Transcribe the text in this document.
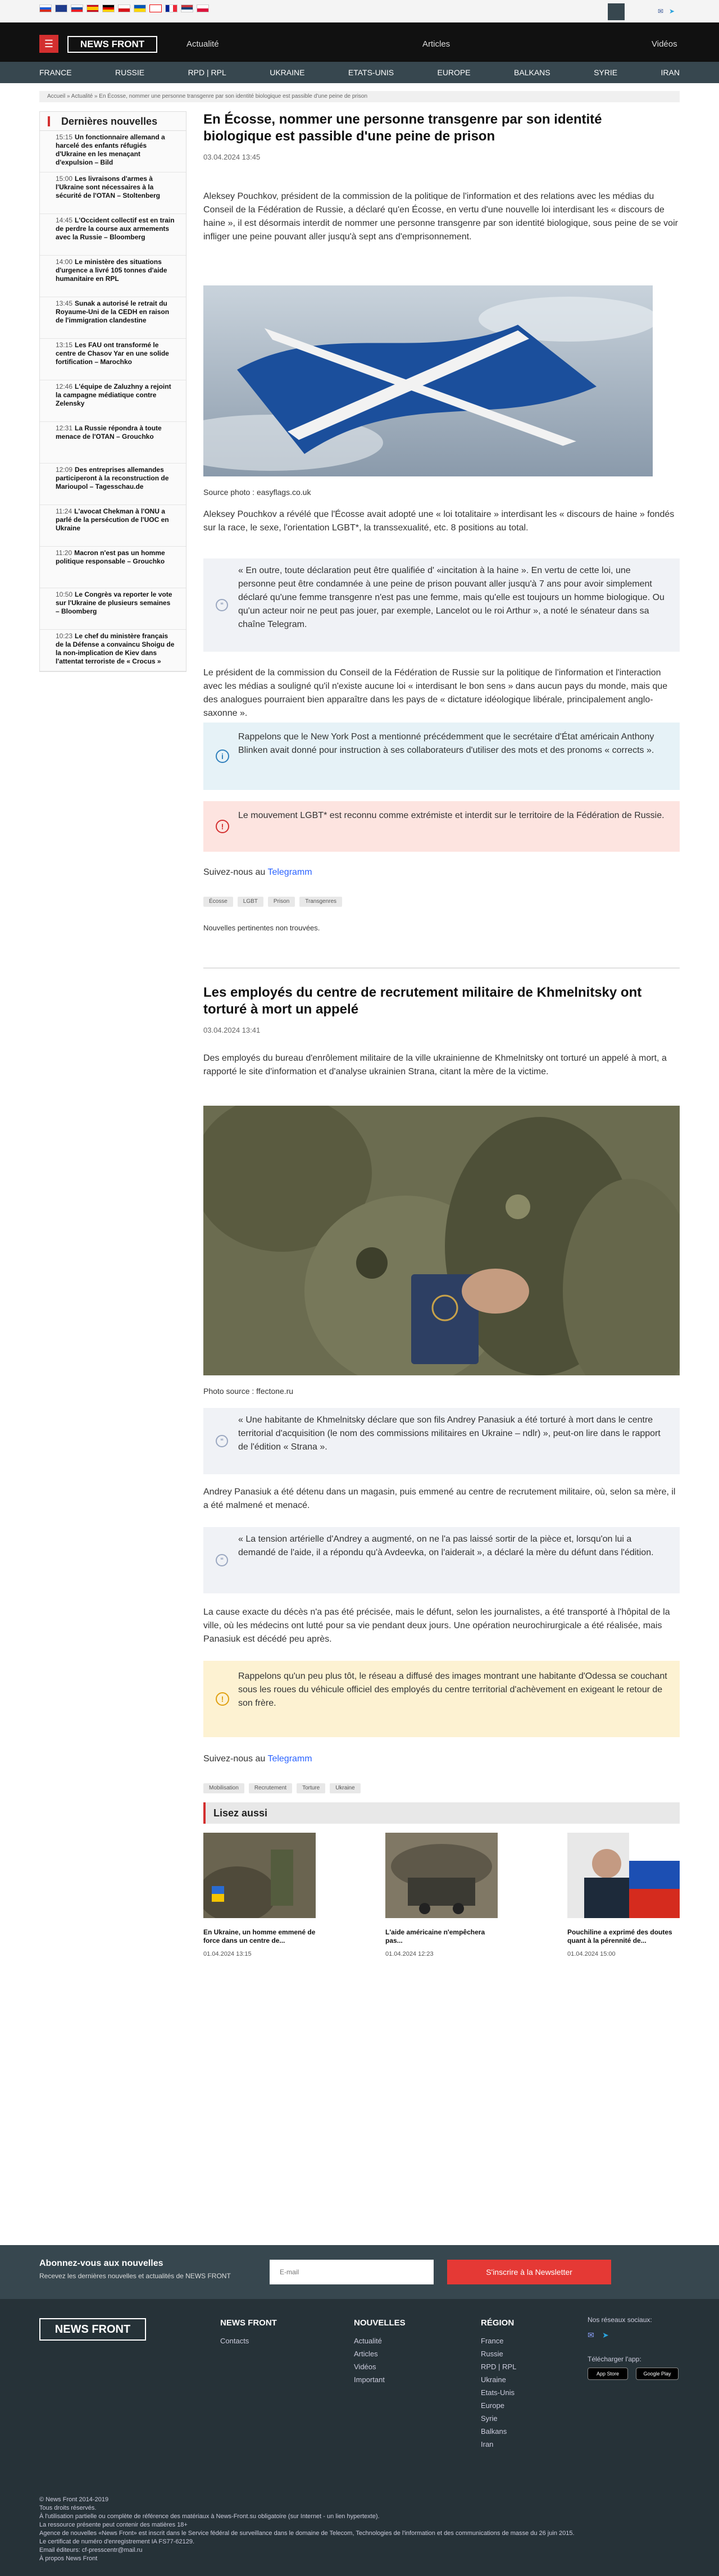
✉ ➤
☰	NEWS FRONT	Actualité	Articles	Vidéos
FRANCE	RUSSIE	RPD | RPL	UKRAINE	ETATS-UNIS	EUROPE	BALKANS	SYRIE	IRAN
Accueil » Actualité » En Écosse, nommer une personne transgenre par son identité biologique est passible d'une peine de prison
Dernières nouvelles
15:15 Un fonctionnaire allemand a harcelé des enfants réfugiés d'Ukraine en les menaçant d'expulsion – Bild
15:00 Les livraisons d'armes à l'Ukraine sont nécessaires à la sécurité de l'OTAN – Stoltenberg
14:45 L'Occident collectif est en train de perdre la course aux armements avec la Russie – Bloomberg
14:00 Le ministère des situations d'urgence a livré 105 tonnes d'aide humanitaire en RPL
13:45 Sunak a autorisé le retrait du Royaume-Uni de la CEDH en raison de l'immigration clandestine
13:15 Les FAU ont transformé le centre de Chasov Yar en une solide fortification – Marochko
12:46 L'équipe de Zaluzhny a rejoint la campagne médiatique contre Zelensky
12:31 La Russie répondra à toute menace de l'OTAN – Grouchko
12:09 Des entreprises allemandes participeront à la reconstruction de Marioupol – Tagesschau.de
11:24 L'avocat Chekman à l'ONU a parlé de la persécution de l'UOC en Ukraine
11:20 Macron n'est pas un homme politique responsable – Grouchko
10:50 Le Congrès va reporter le vote sur l'Ukraine de plusieurs semaines – Bloomberg
10:23 Le chef du ministère français de la Défense a convaincu Shoigu de la non-implication de Kiev dans l'attentat terroriste de « Crocus »
En Écosse, nommer une personne transgenre par son identité biologique est passible d'une peine de prison
03.04.2024 13:45

Aleksey Pouchkov, président de la commission de la politique de l'information et des relations avec les médias du Conseil de la Fédération de Russie, a déclaré qu'en Écosse, en vertu d'une nouvelle loi interdisant les « discours de haine », il est désormais interdit de nommer une personne transgenre par son identité biologique, sous peine de se voir infliger une peine pouvant aller jusqu'à sept ans d'emprisonnement.

Source photo : easyflags.co.uk

Aleksey Pouchkov a révélé que l'Écosse avait adopté une « loi totalitaire » interdisant les « discours de haine » fondés sur la race, le sexe, l'orientation LGBT*, la transsexualité, etc. 8 positions au total.

❝
« En outre, toute déclaration peut être qualifiée d' «incitation à la haine ». En vertu de cette loi, une personne peut être condamnée à une peine de prison pouvant aller jusqu'à 7 ans pour avoir simplement déclaré qu'une femme transgenre n'est pas une femme, mais qu'elle est toujours un homme biologique. Ou qu'un acteur noir ne peut pas jouer, par exemple, Lancelot ou le roi Arthur », a noté le sénateur dans sa chaîne Telegram.

Le président de la commission du Conseil de la Fédération de Russie sur la politique de l'information et l'interaction avec les médias a souligné qu'il n'existe aucune loi « interdisant le bon sens » dans aucun pays du monde, mais que des analogues pourraient bien apparaître dans les pays de « dictature idéologique libérale, principalement anglo-saxonne ».

i
Rappelons que le New York Post a mentionné précédemment que le secrétaire d'État américain Anthony Blinken avait donné pour instruction à ses collaborateurs d'utiliser des mots et des pronoms « corrects ».
!
Le mouvement LGBT* est reconnu comme extrémiste et interdit sur le territoire de la Fédération de Russie.
Suivez-nous au Telegramm
Écosse	LGBT	Prison	Transgenres
Nouvelles pertinentes non trouvées.
Les employés du centre de recrutement militaire de Khmelnitsky ont torturé à mort un appelé
03.04.2024 13:41

Des employés du bureau d'enrôlement militaire de la ville ukrainienne de Khmelnitsky ont torturé un appelé à mort, a rapporté le site d'information et d'analyse ukrainien Strana, citant la mère de la victime.

Photo source : ffectone.ru
❝
« Une habitante de Khmelnitsky déclare que son fils Andrey Panasiuk a été torturé à mort dans le centre territorial d'acquisition (le nom des commissions militaires en Ukraine – ndlr) », peut-on lire dans le rapport de l'édition « Strana ».

Andrey Panasiuk a été détenu dans un magasin, puis emmené au centre de recrutement militaire, où, selon sa mère, il a été malmené et menacé.

❝
« La tension artérielle d'Andrey a augmenté, on ne l'a pas laissé sortir de la pièce et, lorsqu'on lui a demandé de l'aide, il a répondu qu'à Avdeevka, on l'aiderait », a déclaré la mère du défunt dans l'édition.

La cause exacte du décès n'a pas été précisée, mais le défunt, selon les journalistes, a été transporté à l'hôpital de la ville, où les médecins ont lutté pour sa vie pendant deux jours. Une opération neurochirurgicale a été réalisée, mais Panasiuk est décédé peu après.

!
Rappelons qu'un peu plus tôt, le réseau a diffusé des images montrant une habitante d'Odessa se couchant sous les roues du véhicule officiel des employés du centre territorial d'achèvement en exigeant le retour de son frère.
Suivez-nous au Telegramm
Mobilisation	Recrutement	Torture	Ukraine
Lisez aussi
En Ukraine, un homme emmené de force dans un centre de...
01.04.2024 13:15
L'aide américaine n'empêchera pas...
01.04.2024 12:23
Pouchiline a exprimé des doutes quant à la pérennité de...
01.04.2024 15:00
Abonnez-vous aux nouvelles
Recevez les dernières nouvelles et actualités de NEWS FRONT
E-mail	S'inscrire à la Newsletter
NEWS FRONT
NEWS FRONT
Contacts
NOUVELLES
Actualité
Articles
Vidéos
Important
RÉGION
France
Russie
RPD | RPL
Ukraine
Etats-Unis
Europe
Syrie
Balkans
Iran
Nos réseaux sociaux:
✉ ➤
Télécharger l'app:
App Store	Google Play
© News Front 2014-2019
Tous droits réservés.
À l'utilisation partielle ou complète de référence des matériaux à News-Front.su obligatoire (sur Internet - un lien hypertexte).
La ressource présente peut contenir des matières 18+
Agence de nouvelles «News Front» est inscrit dans le Service fédéral de surveillance dans le domaine de Telecom, Technologies de l'information et des communications de masse du 26 juin 2015.
Le certificat de numéro d'enregistrement IA FS77-62129.
Email éditeurs: cf-presscentr@mail.ru
À propos News Front
